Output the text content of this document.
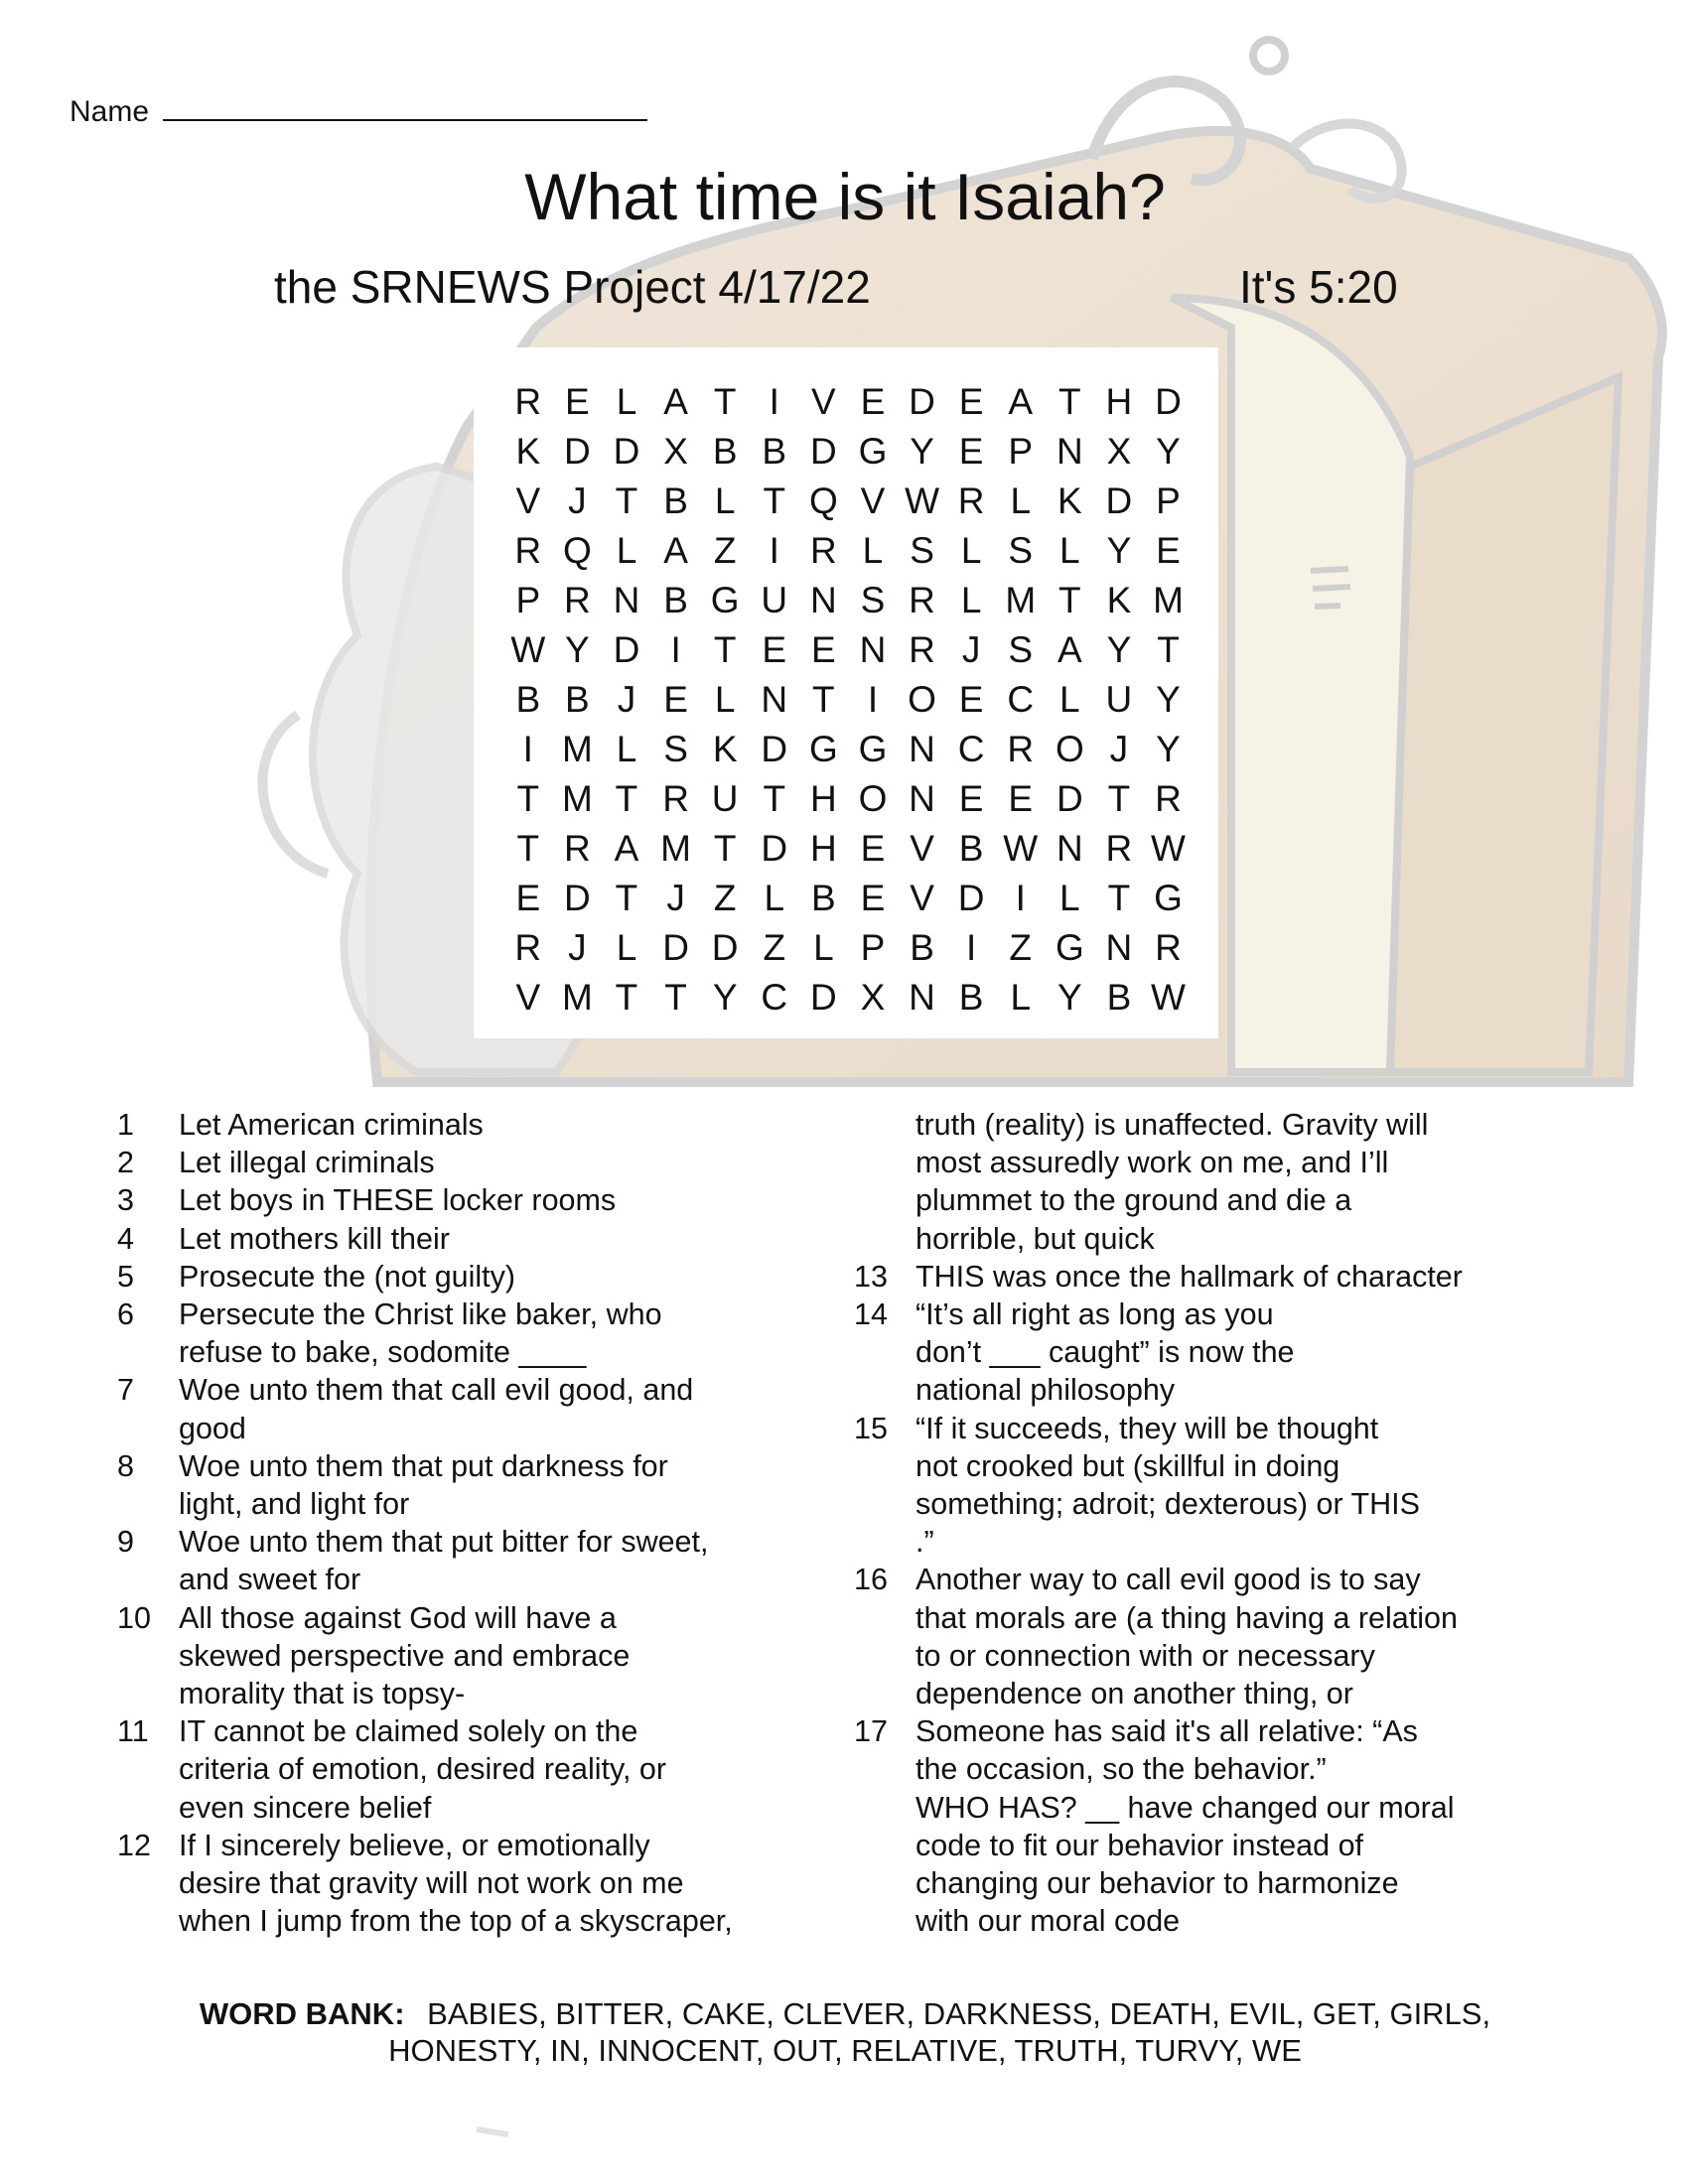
Name
What time is it Isaiah?
the SRNEWS Project 4/17/22	It's 5:20
R E L A T I V E D E A T H D
K D D X B B D G Y E P N X Y
V J T B L T Q V W R L K D P
R Q L A Z I R L S L S L Y E
P R N B G U N S R L M T K M
W Y D I T E E N R J S A Y T
B B J E L N T I O E C L U Y
I M L S K D G G N C R O J Y
T M T R U T H O N E E D T R
T R A M T D H E V B W N R W
E D T J Z L B E V D I L T G
R J L D D Z L P B I Z G N R
V M T T Y C D X N B L Y B W
1	Let American criminals
2	Let illegal criminals
3	Let boys in THESE locker rooms
4	Let mothers kill their
5	Prosecute the (not guilty)
6	Persecute the Christ like baker, who
refuse to bake, sodomite ____
7	Woe unto them that call evil good, and
good
8	Woe unto them that put darkness for
light, and light for
9	Woe unto them that put bitter for sweet,
and sweet for
10 All those against God will have a
skewed perspective and embrace
morality that is topsy-
11 IT cannot be claimed solely on the
criteria of emotion, desired reality, or
even sincere belief
12 If I sincerely believe, or emotionally
desire that gravity will not work on me
when I jump from the top of a skyscraper,
truth (reality) is unaffected. Gravity will
most assuredly work on me, and I’ll
plummet to the ground and die a
horrible, but quick
13 THIS was once the hallmark of character
14 “It’s all right as long as you
don’t ___ caught” is now the
national philosophy
15 “If it succeeds, they will be thought
not crooked but (skillful in doing
something; adroit; dexterous) or THIS
.”
16 Another way to call evil good is to say
that morals are (a thing having a relation
to or connection with or necessary
dependence on another thing, or
17 Someone has said it's all relative: “As
the occasion, so the behavior.”
WHO HAS? __ have changed our moral
code to fit our behavior instead of
changing our behavior to harmonize
with our moral code
WORD BANK: BABIES, BITTER, CAKE, CLEVER, DARKNESS, DEATH, EVIL, GET, GIRLS,
HONESTY, IN, INNOCENT, OUT, RELATIVE, TRUTH, TURVY, WE
